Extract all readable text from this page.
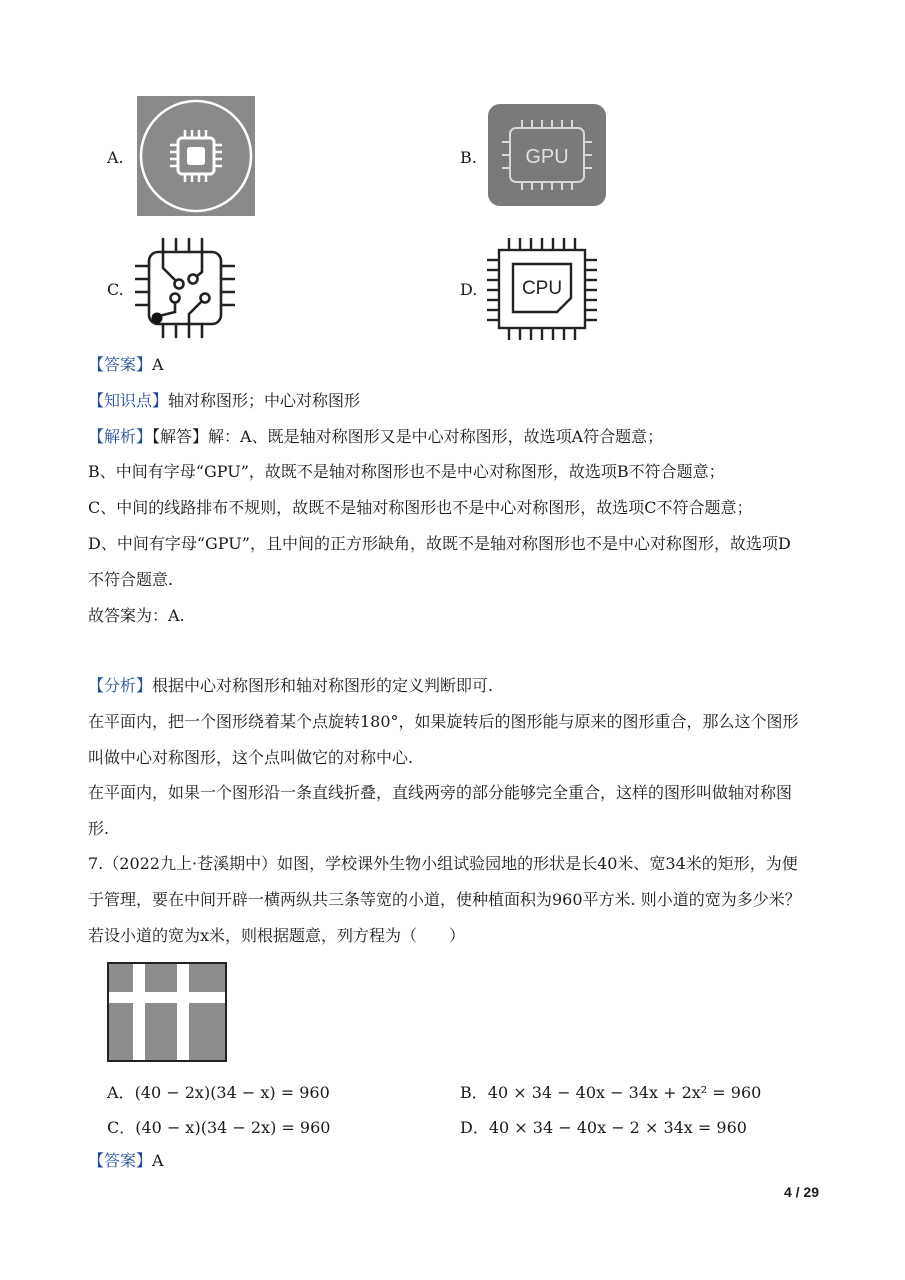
A.	B. GPU
C.	D. CPU
【答案】A
【知识点】轴对称图形；中心对称图形
【解析】【解答】解：A、既是轴对称图形又是中心对称图形，故选项A符合题意；
B、中间有字母“GPU”，故既不是轴对称图形也不是中心对称图形，故选项B不符合题意；
C、中间的线路排布不规则，故既不是轴对称图形也不是中心对称图形，故选项C不符合题意；
D、中间有字母“GPU”，且中间的正方形缺角，故既不是轴对称图形也不是中心对称图形，故选项D
不符合题意.
故答案为：A.
【分析】根据中心对称图形和轴对称图形的定义判断即可.
在平面内，把一个图形绕着某个点旋转180°，如果旋转后的图形能与原来的图形重合，那么这个图形
叫做中心对称图形，这个点叫做它的对称中心.
在平面内，如果一个图形沿一条直线折叠，直线两旁的部分能够完全重合，这样的图形叫做轴对称图
形.
7.（2022九上·苍溪期中）如图，学校课外生物小组试验园地的形状是长40米、宽34米的矩形，为便
于管理，要在中间开辟一横两纵共三条等宽的小道，使种植面积为960平方米. 则小道的宽为多少米？
若设小道的宽为x米，则根据题意，列方程为（　　）
A．(40 − 2x)(34 − x) = 960	B．40 × 34 − 40x − 34x + 2x² = 960
C．(40 − x)(34 − 2x) = 960	D．40 × 34 − 40x − 2 × 34x = 960
【答案】A
4 / 29
